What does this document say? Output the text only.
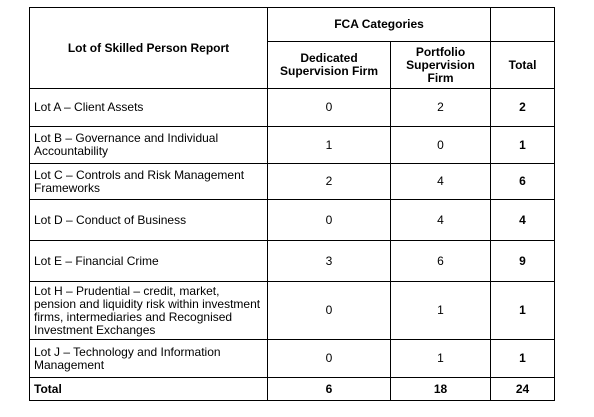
Lot of Skilled Person Report	FCA Categories		
	Dedicated Supervision Firm	Portfolio Supervision Firm	Total
Lot A – Client Assets	0	2	2
Lot B – Governance and Individual Accountability	1	0	1
Lot C – Controls and Risk Management Frameworks	2	4	6
Lot D – Conduct of Business	0	4	4
Lot E – Financial Crime	3	6	9
Lot H – Prudential – credit, market, pension and liquidity risk within investment firms, intermediaries and Recognised Investment Exchanges	0	1	1
Lot J – Technology and Information Management	0	1	1
Total	6	18	24
